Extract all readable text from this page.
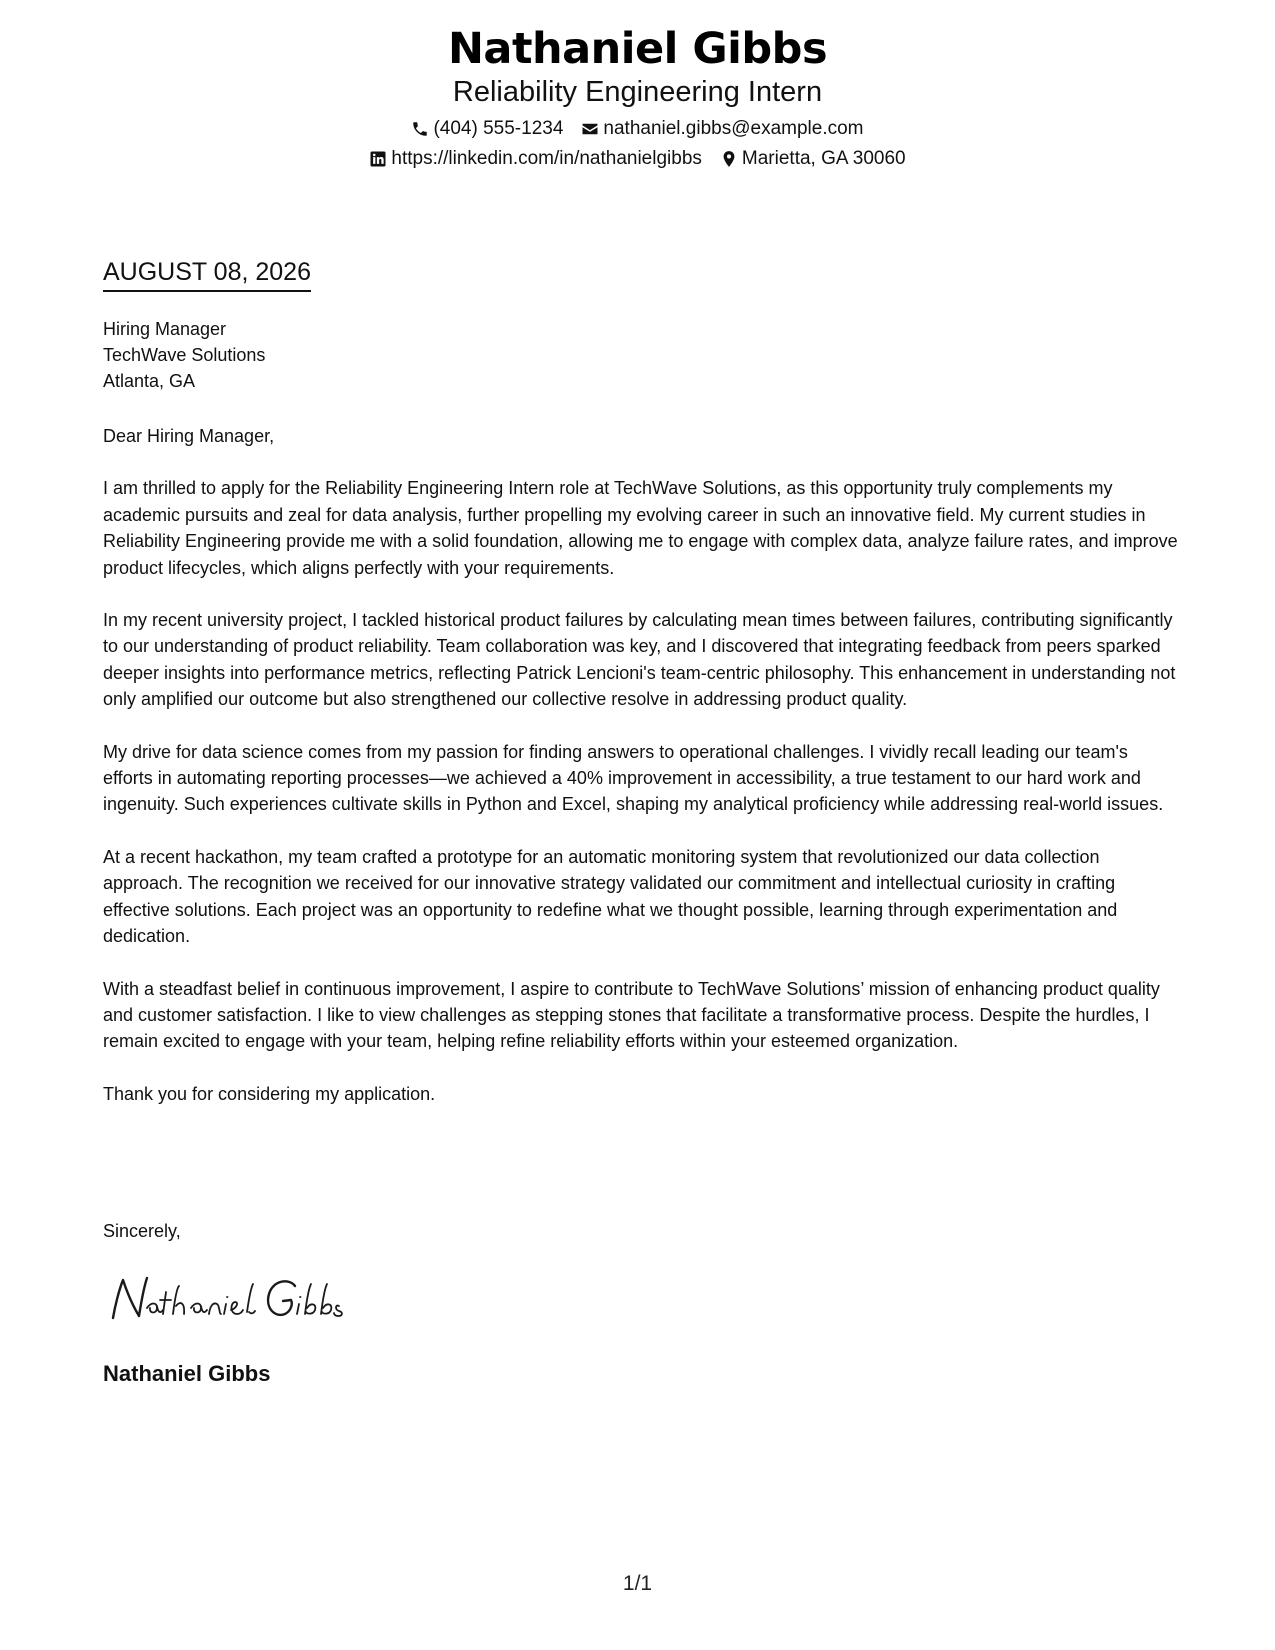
Nathaniel Gibbs
Reliability Engineering Intern
(404) 555-1234 nathaniel.gibbs@example.com
https://linkedin.com/in/nathanielgibbs Marietta, GA 30060
AUGUST 08, 2026
Hiring Manager
TechWave Solutions
Atlanta, GA

Dear Hiring Manager,

I am thrilled to apply for the Reliability Engineering Intern role at TechWave Solutions, as this opportunity truly complements my academic pursuits and zeal for data analysis, further propelling my evolving career in such an innovative field. My current studies in Reliability Engineering provide me with a solid foundation, allowing me to engage with complex data, analyze failure rates, and improve product lifecycles, which aligns perfectly with your requirements.

In my recent university project, I tackled historical product failures by calculating mean times between failures, contributing significantly to our understanding of product reliability. Team collaboration was key, and I discovered that integrating feedback from peers sparked deeper insights into performance metrics, reflecting Patrick Lencioni's team-centric philosophy. This enhancement in understanding not only amplified our outcome but also strengthened our collective resolve in addressing product quality.

My drive for data science comes from my passion for finding answers to operational challenges. I vividly recall leading our team's efforts in automating reporting processes—we achieved a 40% improvement in accessibility, a true testament to our hard work and ingenuity. Such experiences cultivate skills in Python and Excel, shaping my analytical proficiency while addressing real-world issues.

At a recent hackathon, my team crafted a prototype for an automatic monitoring system that revolutionized our data collection approach. The recognition we received for our innovative strategy validated our commitment and intellectual curiosity in crafting effective solutions. Each project was an opportunity to redefine what we thought possible, learning through experimentation and dedication.

With a steadfast belief in continuous improvement, I aspire to contribute to TechWave Solutions’ mission of enhancing product quality and customer satisfaction. I like to view challenges as stepping stones that facilitate a transformative process. Despite the hurdles, I remain excited to engage with your team, helping refine reliability efforts within your esteemed organization.

Thank you for considering my application.

Sincerely,
Nathaniel Gibbs
1/1
